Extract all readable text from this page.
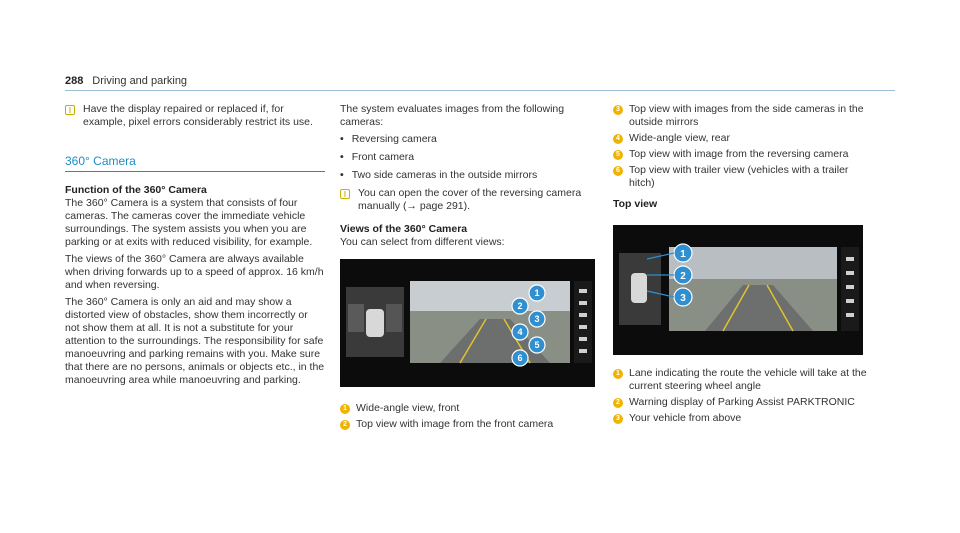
288 Driving and parking
i	Have the display repaired or replaced if, for example, pixel errors considerably restrict its use.

360° Camera
Function of the 360° Camera

The 360° Camera is a system that consists of four cameras. The cameras cover the immediate vehicle surroundings. The system assists you when you are parking or at exits with reduced visibility, for example.

The views of the 360° Camera are always available when driving forwards up to a speed of approx. 16 km/h and when reversing.

The 360° Camera is only an aid and may show a distorted view of obstacles, show them incorrectly or not show them at all. It is not a substitute for your attention to the surroundings. The responsibility for safe manoeuvring and parking remains with you. Make sure that there are no persons, animals or objects etc., in the manoeuvring area while manoeuvring and parking.

The system evaluates images from the following cameras:

• Reversing camera
• Front camera
• Two side cameras in the outside mirrors
i	You can open the cover of the reversing camera manually (→ page 291).

Views of the 360° Camera

You can select from different views:

1
2
3
4
5
6
1 Wide-angle view, front
2 Top view with image from the front camera
3 Top view with images from the side cameras in the outside mirrors
4 Wide-angle view, rear
5 Top view with image from the reversing camera
6 Top view with trailer view (vehicles with a trailer hitch)
Top view
1
2
3
1 Lane indicating the route the vehicle will take at the current steering wheel angle
2 Warning display of Parking Assist PARKTRONIC
3 Your vehicle from above
